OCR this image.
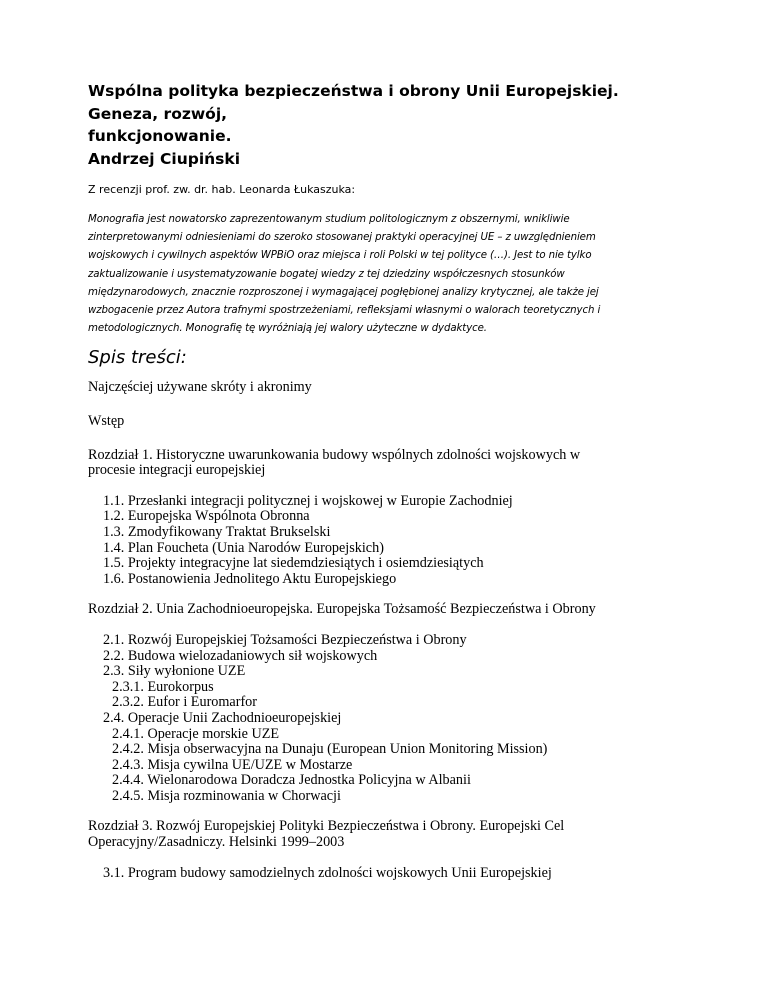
Wspólna polityka bezpieczeństwa i obrony Unii Europejskiej. Geneza, rozwój,
funkcjonowanie.
Andrzej Ciupiński
Z recenzji prof. zw. dr. hab. Leonarda Łukaszuka:
Monografia jest nowatorsko zaprezentowanym studium politologicznym z obszernymi, wnikliwie
zinterpretowanymi odniesieniami do szeroko stosowanej praktyki operacyjnej UE – z uwzględnieniem
wojskowych i cywilnych aspektów WPBiO oraz miejsca i roli Polski w tej polityce (…). Jest to nie tylko
zaktualizowanie i usystematyzowanie bogatej wiedzy z tej dziedziny współczesnych stosunków
międzynarodowych, znacznie rozproszonej i wymagającej pogłębionej analizy krytycznej, ale także jej
wzbogacenie przez Autora trafnymi spostrzeżeniami, refleksjami własnymi o walorach teoretycznych i
metodologicznych. Monografię tę wyróżniają jej walory użyteczne w dydaktyce.
Spis treści:
Najczęściej używane skróty i akronimy
Wstęp
Rozdział 1. Historyczne uwarunkowania budowy wspólnych zdolności wojskowych w
procesie integracji europejskiej
1.1. Przesłanki integracji politycznej i wojskowej w Europie Zachodniej
1.2. Europejska Wspólnota Obronna
1.3. Zmodyfikowany Traktat Brukselski
1.4. Plan Foucheta (Unia Narodów Europejskich)
1.5. Projekty integracyjne lat siedemdziesiątych i osiemdziesiątych
1.6. Postanowienia Jednolitego Aktu Europejskiego
Rozdział 2. Unia Zachodnioeuropejska. Europejska Tożsamość Bezpieczeństwa i Obrony
2.1. Rozwój Europejskiej Tożsamości Bezpieczeństwa i Obrony
2.2. Budowa wielozadaniowych sił wojskowych
2.3. Siły wyłonione UZE
2.3.1. Eurokorpus
2.3.2. Eufor i Euromarfor
2.4. Operacje Unii Zachodnioeuropejskiej
2.4.1. Operacje morskie UZE
2.4.2. Misja obserwacyjna na Dunaju (European Union Monitoring Mission)
2.4.3. Misja cywilna UE/UZE w Mostarze
2.4.4. Wielonarodowa Doradcza Jednostka Policyjna w Albanii
2.4.5. Misja rozminowania w Chorwacji
Rozdział 3. Rozwój Europejskiej Polityki Bezpieczeństwa i Obrony. Europejski Cel
Operacyjny/Zasadniczy. Helsinki 1999–2003
3.1. Program budowy samodzielnych zdolności wojskowych Unii Europejskiej
